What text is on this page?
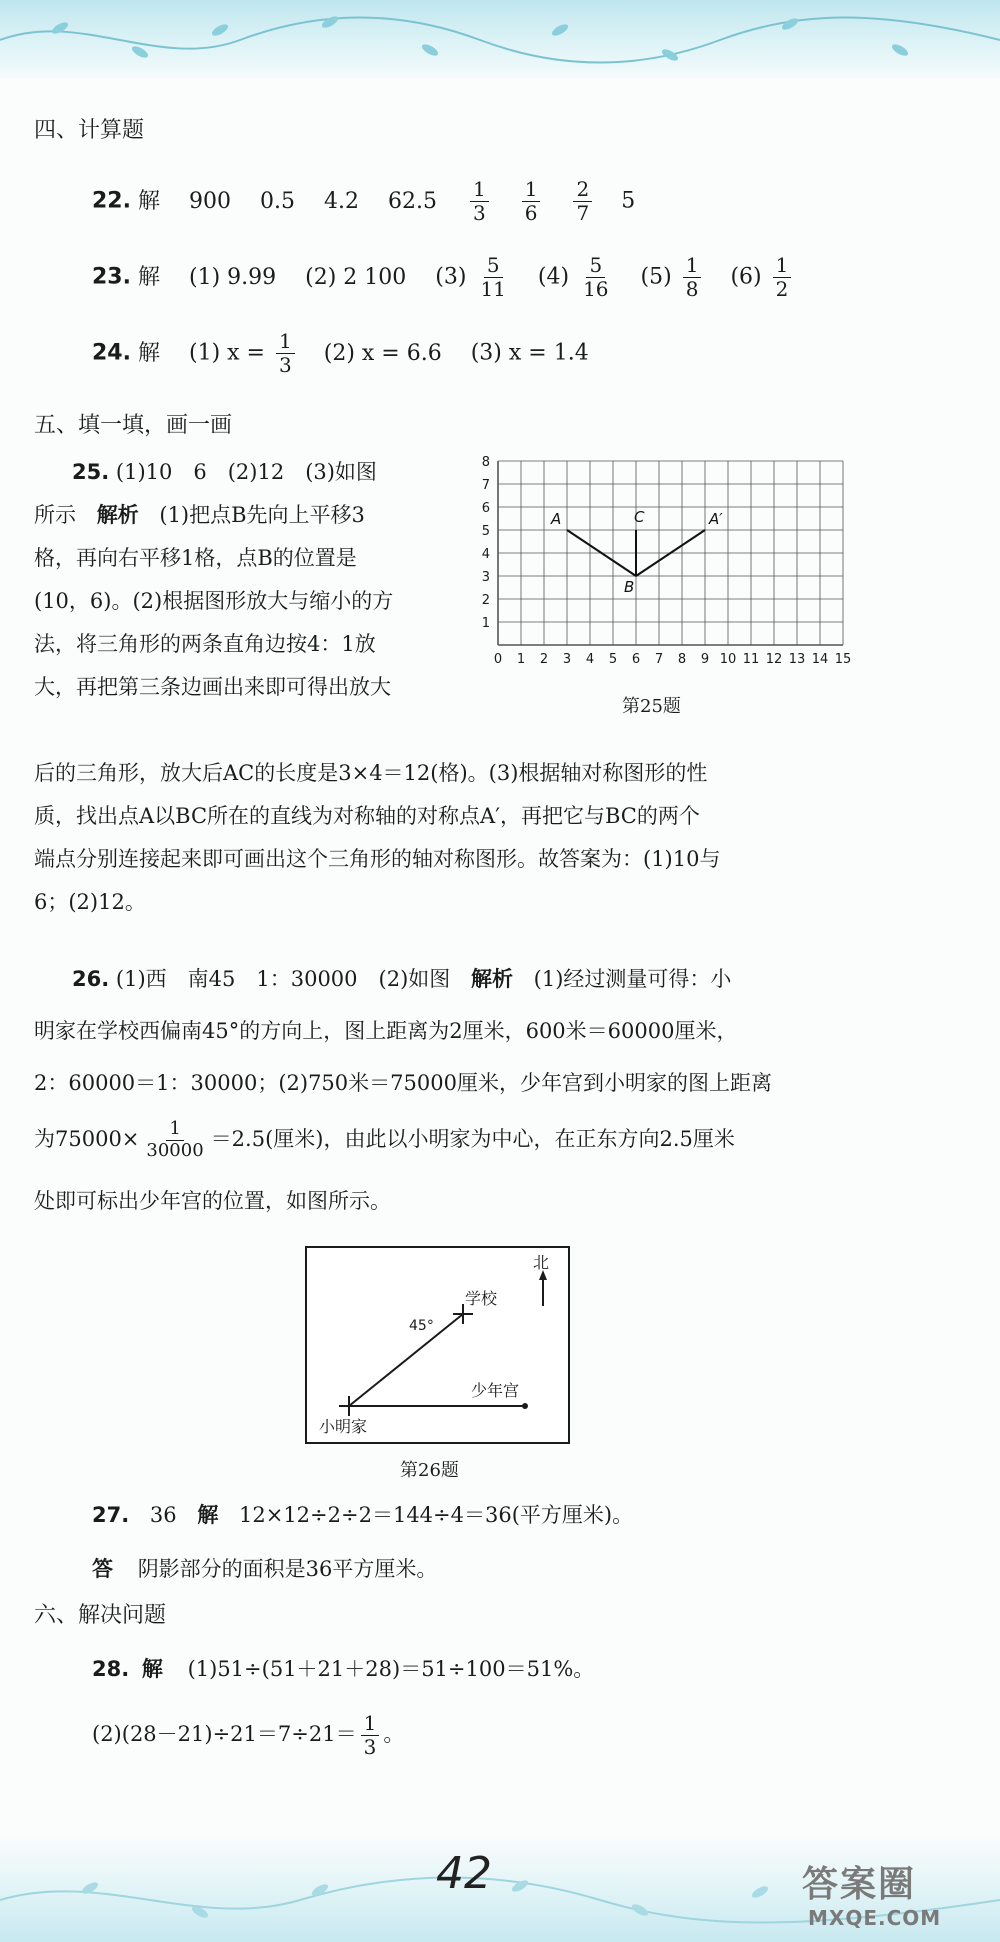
四、计算题
22. 解 900 0.5 4.2 $62.5 \frac{1}{3}$
$\frac{1}{6}$
$\frac{2}{7} 5$
23. 解 (1) 9.99 (2) 2 100 $(3) \frac{5}{11} (4) \frac{5}{16} (5) \frac{1}{8} (6) \frac{1}{2}$
24. 解 (1) $x = \frac{1}{3} (2) x = 6.6$ (3) x = 1.4
五、填一填，画一画
25. (1)10　6　(2)12　(3)如图
所示 解析 (1)把点B先向上平移3
格，再向右平移1格，点B的位置是
(10，6)。(2)根据图形放大与缩小的方
法，将三角形的两条直角边按4：1放
大，再把第三条边画出来即可得出放大
后的三角形，放大后AC的长度是3×4＝12(格)。(3)根据轴对称图形的性
质，找出点A以BC所在的直线为对称轴的对称点A′，再把它与BC的两个
端点分别连接起来即可画出这个三角形的轴对称图形。故答案为：(1)10与
6；(2)12。
0 1 2 3 4 5 6 7 8 9 10 11 12 13 14 15
1
2
3
4
5
6
7
8
A	C	A′
B
第25题
26. (1)西　南45　1：30000　(2)如图 解析 (1)经过测量可得：小
明家在学校西偏南45°的方向上，图上距离为2厘米，600米＝60000厘米，
2：60000＝1：30000；(2)750米＝75000厘米，少年宫到小明家的图上距离
为$75000\times \frac{1}{30000} =2.5$(厘米)，由此以小明家为中心，在正东方向2.5厘米
处即可标出少年宫的位置，如图所示。
北
学校
45°
少年宫
小明家
第26题
27. 36 解 12×12÷2÷2＝144÷4＝36(平方厘米)。
答 阴影部分的面积是36平方厘米。
六、解决问题
28. 解 (1)51÷(51＋21＋28)＝51÷100＝51%。
$(2)(28-21)\div 21=7\div 21= \frac{1}{3}$ 。
42	答案圈
MXQE.COM
